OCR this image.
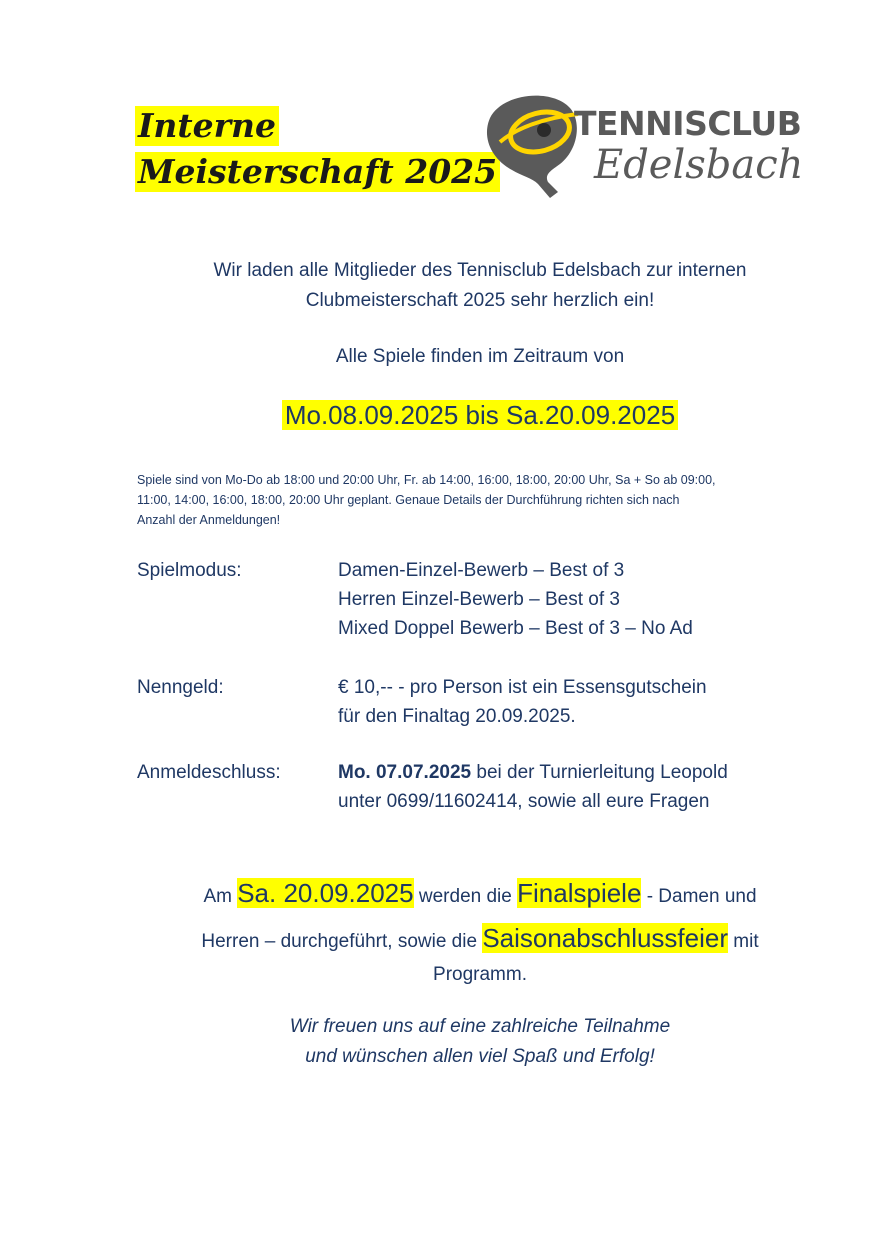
Interne
Meisterschaft 2025
TENNISCLUB
Edelsbach
Wir laden alle Mitglieder des Tennisclub Edelsbach zur internen
Clubmeisterschaft 2025 sehr herzlich ein!
Alle Spiele finden im Zeitraum von
Mo.08.09.2025 bis Sa.20.09.2025
Spiele sind von Mo-Do ab 18:00 und 20:00 Uhr, Fr. ab 14:00, 16:00, 18:00, 20:00 Uhr, Sa + So ab 09:00,
11:00, 14:00, 16:00, 18:00, 20:00 Uhr geplant. Genaue Details der Durchführung richten sich nach
Anzahl der Anmeldungen!
Spielmodus:	Damen-Einzel-Bewerb – Best of 3
Herren Einzel-Bewerb – Best of 3
Mixed Doppel Bewerb – Best of 3 – No Ad
Nenngeld:	€ 10,-- - pro Person ist ein Essensgutschein
für den Finaltag 20.09.2025.
Anmeldeschluss:	Mo. 07.07.2025 bei der Turnierleitung Leopold
unter 0699/11602414, sowie all eure Fragen
Am Sa. 20.09.2025 werden die Finalspiele - Damen und
Herren – durchgeführt, sowie die Saisonabschlussfeier mit
Programm.
Wir freuen uns auf eine zahlreiche Teilnahme
und wünschen allen viel Spaß und Erfolg!
